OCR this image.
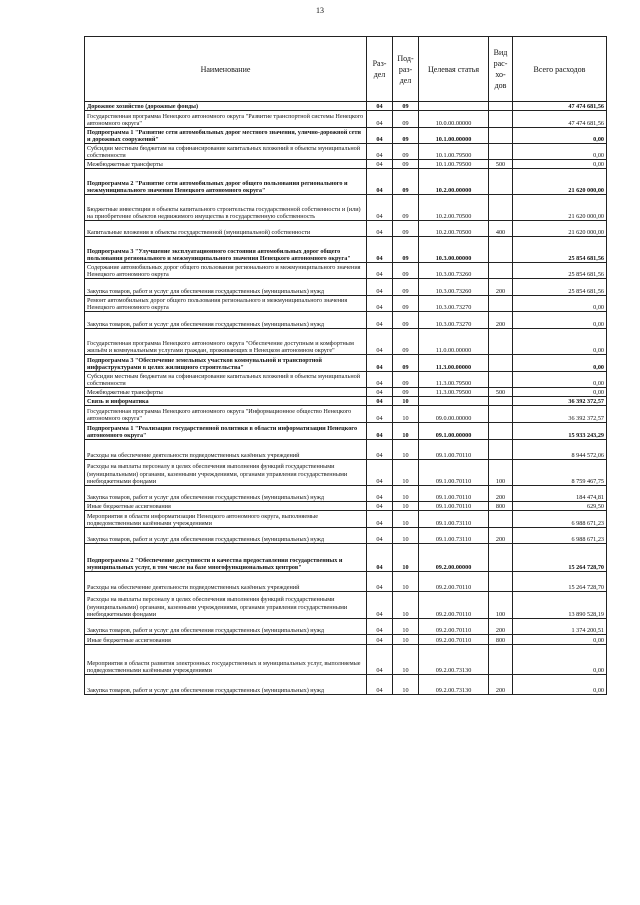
13
Наименование	Раз-дел	Под-раз-дел	Целевая статья	Вид рас-хо-дов	Всего расходов
Дорожное хозяйство (дорожные фонды)	04	09			47 474 681,56
Государственная программа Ненецкого автономного округа "Развитие транспортной системы Ненецкого автономного округа"	04	09	10.0.00.00000		47 474 681,56
Подпрограмма 1 "Развитие сети автомобильных дорог местного значения, улично-дорожной сети и дорожных сооружений"	04	09	10.1.00.00000		0,00
Субсидии местным бюджетам на софинансирование капитальных вложений в объекты муниципальной собственности	04	09	10.1.00.79500		0,00
Межбюджетные трансферты	04	09	10.1.00.79500	500	0,00
Подпрограмма 2 "Развитие сети автомобильных дорог общего пользования регионального и межмуниципального значения Ненецкого автономного округа"	04	09	10.2.00.00000		21 620 000,00
Бюджетные инвестиции в объекты капитального строительства государственной собственности и (или) на приобретение объектов недвижимого имущества в государственную собственность	04	09	10.2.00.70500		21 620 000,00
Капитальные вложения в объекты государственной (муниципальной) собственности	04	09	10.2.00.70500	400	21 620 000,00
Подпрограмма 3 "Улучшение эксплуатационного состояния автомобильных дорог общего пользования регионального и межмуниципального значения Ненецкого автономного округа"	04	09	10.3.00.00000		25 854 681,56
Содержание автомобильных дорог общего пользования регионального и межмуниципального значения Ненецкого автономного округа	04	09	10.3.00.73260		25 854 681,56
Закупка товаров, работ и услуг для обеспечения государственных (муниципальных) нужд	04	09	10.3.00.73260	200	25 854 681,56
Ремонт автомобильных дорог общего пользования регионального и межмуниципального значения Ненецкого автономного округа	04	09	10.3.00.73270		0,00
Закупка товаров, работ и услуг для обеспечения государственных (муниципальных) нужд	04	09	10.3.00.73270	200	0,00
Государственная программа Ненецкого автономного округа "Обеспечение доступным и комфортным жильём и коммунальными услугами граждан, проживающих в Ненецком автономном округе"	04	09	11.0.00.00000		0,00
Подпрограмма 3 "Обеспечение земельных участков коммунальной и транспортной инфраструктурами в целях жилищного строительства"	04	09	11.3.00.00000		0,00
Субсидии местным бюджетам на софинансирование капитальных вложений в объекты муниципальной собственности	04	09	11.3.00.79500		0,00
Межбюджетные трансферты	04	09	11.3.00.79500	500	0,00
Связь и информатика	04	10			36 392 372,57
Государственная программа Ненецкого автономного округа "Информационное общество Ненецкого автономного округа"	04	10	09.0.00.00000		36 392 372,57
Подпрограмма 1 "Реализация государственной политики в области информатизации Ненецкого автономного округа"	04	10	09.1.00.00000		15 933 243,29
Расходы на обеспечение деятельности подведомственных казённых учреждений	04	10	09.1.00.70110		8 944 572,06
Расходы на выплаты персоналу в целях обеспечения выполнения функций государственными (муниципальными) органами, казенными учреждениями, органами управления государственными внебюджетными фондами	04	10	09.1.00.70110	100	8 759 467,75
Закупка товаров, работ и услуг для обеспечения государственных (муниципальных) нужд	04	10	09.1.00.70110	200	184 474,81
Иные бюджетные ассигнования	04	10	09.1.00.70110	800	629,50
Мероприятия в области информатизации Ненецкого автономного округа, выполняемые подведомственными казёнными учреждениями	04	10	09.1.00.73110		6 988 671,23
Закупка товаров, работ и услуг для обеспечения государственных (муниципальных) нужд	04	10	09.1.00.73110	200	6 988 671,23
Подпрограмма 2 "Обеспечение доступности и качества предоставления государственных и муниципальных услуг, в том числе на базе многофункциональных центров"	04	10	09.2.00.00000		15 264 728,70
Расходы на обеспечение деятельности подведомственных казённых учреждений	04	10	09.2.00.70110		15 264 728,70
Расходы на выплаты персоналу в целях обеспечения выполнения функций государственными (муниципальными) органами, казенными учреждениями, органами управления государственными внебюджетными фондами	04	10	09.2.00.70110	100	13 890 528,19
Закупка товаров, работ и услуг для обеспечения государственных (муниципальных) нужд	04	10	09.2.00.70110	200	1 374 200,51
Иные бюджетные ассигнования	04	10	09.2.00.70110	800	0,00
Мероприятия в области развития электронных государственных и муниципальных услуг, выполняемые подведомственными казёнными учреждениями	04	10	09.2.00.73130		0,00
Закупка товаров, работ и услуг для обеспечения государственных (муниципальных) нужд	04	10	09.2.00.73130	200	0,00
